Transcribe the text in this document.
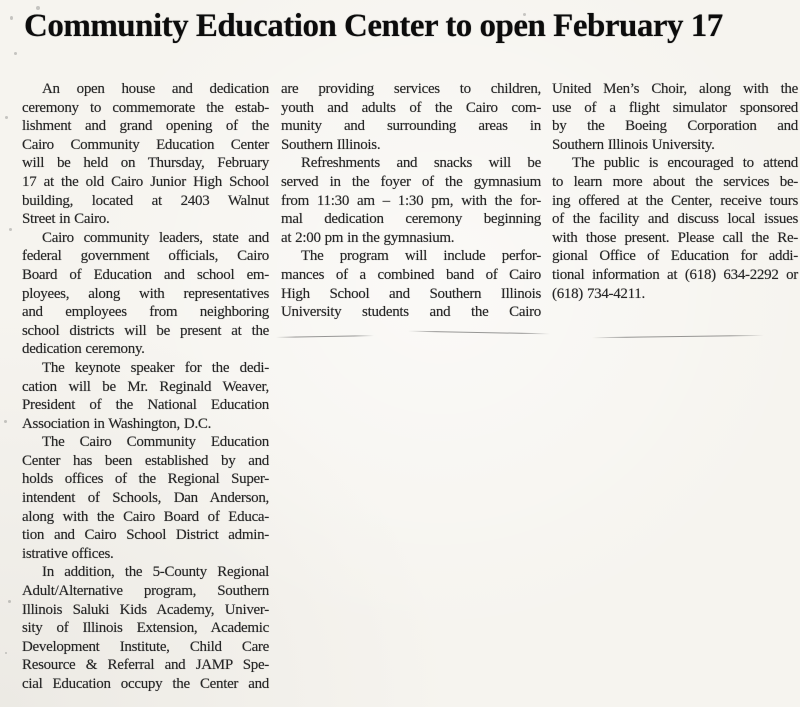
Community Education Center to open February 17
An open house and dedication
ceremony to commemorate the estab-
lishment and grand opening of the
Cairo Community Education Center
will be held on Thursday, February
17 at the old Cairo Junior High School
building, located at 2403 Walnut
Street in Cairo.
Cairo community leaders, state and
federal government officials, Cairo
Board of Education and school em-
ployees, along with representatives
and employees from neighboring
school districts will be present at the
dedication ceremony.
The keynote speaker for the dedi-
cation will be Mr. Reginald Weaver,
President of the National Education
Association in Washington, D.C.
The Cairo Community Education
Center has been established by and
holds offices of the Regional Super-
intendent of Schools, Dan Anderson,
along with the Cairo Board of Educa-
tion and Cairo School District admin-
istrative offices.
In addition, the 5-County Regional
Adult/Alternative program, Southern
Illinois Saluki Kids Academy, Univer-
sity of Illinois Extension, Academic
Development Institute, Child Care
Resource & Referral and JAMP Spe-
cial Education occupy the Center and
are providing services to children,
youth and adults of the Cairo com-
munity and surrounding areas in
Southern Illinois.
Refreshments and snacks will be
served in the foyer of the gymnasium
from 11:30 am – 1:30 pm, with the for-
mal dedication ceremony beginning
at 2:00 pm in the gymnasium.
The program will include perfor-
mances of a combined band of Cairo
High School and Southern Illinois
University students and the Cairo
United Men’s Choir, along with the
use of a flight simulator sponsored
by the Boeing Corporation and
Southern Illinois University.
The public is encouraged to attend
to learn more about the services be-
ing offered at the Center, receive tours
of the facility and discuss local issues
with those present. Please call the Re-
gional Office of Education for addi-
tional information at (618) 634-2292 or
(618) 734-4211.
